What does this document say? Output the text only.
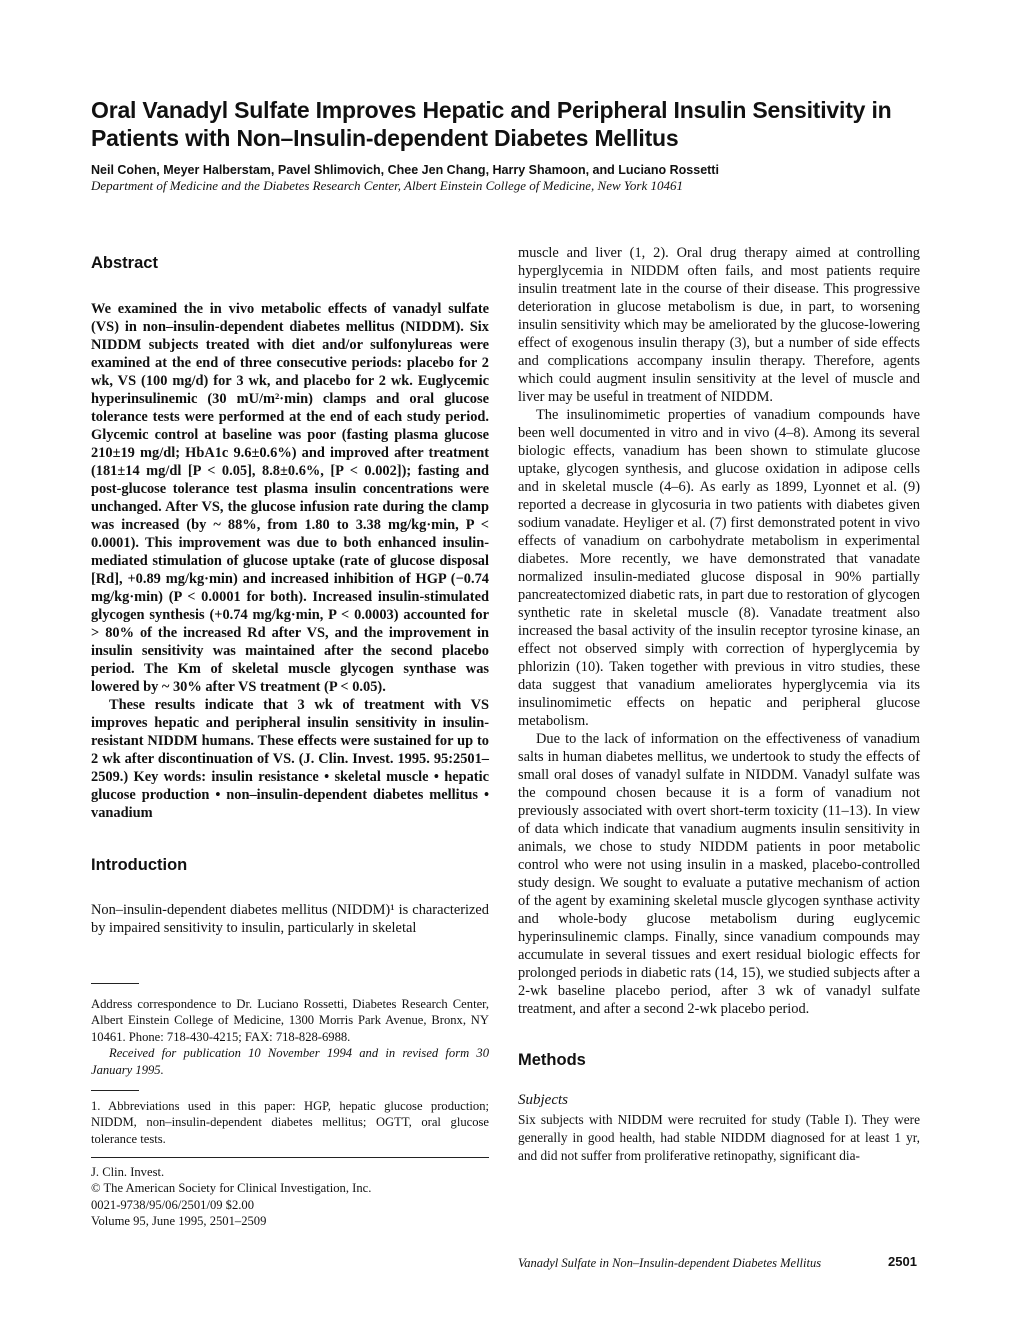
Oral Vanadyl Sulfate Improves Hepatic and Peripheral Insulin Sensitivity in Patients with Non–Insulin-dependent Diabetes Mellitus
Neil Cohen, Meyer Halberstam, Pavel Shlimovich, Chee Jen Chang, Harry Shamoon, and Luciano Rossetti
Department of Medicine and the Diabetes Research Center, Albert Einstein College of Medicine, New York 10461
Abstract

We examined the in vivo metabolic effects of vanadyl sulfate (VS) in non–insulin-dependent diabetes mellitus (NIDDM). Six NIDDM subjects treated with diet and/or sulfonylureas were examined at the end of three consecutive periods: placebo for 2 wk, VS (100 mg/d) for 3 wk, and placebo for 2 wk. Euglycemic hyperinsulinemic (30 mU/m²·min) clamps and oral glucose tolerance tests were performed at the end of each study period. Glycemic control at baseline was poor (fasting plasma glucose 210±19 mg/dl; HbA1c 9.6±0.6%) and improved after treatment (181±14 mg/dl [P < 0.05], 8.8±0.6%, [P < 0.002]); fasting and post-glucose tolerance test plasma insulin concentrations were unchanged. After VS, the glucose infusion rate during the clamp was increased (by ~ 88%, from 1.80 to 3.38 mg/kg·min, P < 0.0001). This improvement was due to both enhanced insulin-mediated stimulation of glucose uptake (rate of glucose disposal [Rd], +0.89 mg/kg·min) and increased inhibition of HGP (−0.74 mg/kg·min) (P < 0.0001 for both). Increased insulin-stimulated glycogen synthesis (+0.74 mg/kg·min, P < 0.0003) accounted for > 80% of the increased Rd after VS, and the improvement in insulin sensitivity was maintained after the second placebo period. The Km of skeletal muscle glycogen synthase was lowered by ~ 30% after VS treatment (P < 0.05).

These results indicate that 3 wk of treatment with VS improves hepatic and peripheral insulin sensitivity in insulin-resistant NIDDM humans. These effects were sustained for up to 2 wk after discontinuation of VS. (J. Clin. Invest. 1995. 95:2501–2509.) Key words: insulin resistance • skeletal muscle • hepatic glucose production • non–insulin-dependent diabetes mellitus • vanadium

Introduction

Non–insulin-dependent diabetes mellitus (NIDDM)¹ is characterized by impaired sensitivity to insulin, particularly in skeletal

Address correspondence to Dr. Luciano Rossetti, Diabetes Research Center, Albert Einstein College of Medicine, 1300 Morris Park Avenue, Bronx, NY 10461. Phone: 718-430-4215; FAX: 718-828-6988.

Received for publication 10 November 1994 and in revised form 30 January 1995.

1. Abbreviations used in this paper: HGP, hepatic glucose production; NIDDM, non–insulin-dependent diabetes mellitus; OGTT, oral glucose tolerance tests.

J. Clin. Invest.

© The American Society for Clinical Investigation, Inc.

0021-9738/95/06/2501/09 $2.00

Volume 95, June 1995, 2501–2509

muscle and liver (1, 2). Oral drug therapy aimed at controlling hyperglycemia in NIDDM often fails, and most patients require insulin treatment late in the course of their disease. This progressive deterioration in glucose metabolism is due, in part, to worsening insulin sensitivity which may be ameliorated by the glucose-lowering effect of exogenous insulin therapy (3), but a number of side effects and complications accompany insulin therapy. Therefore, agents which could augment insulin sensitivity at the level of muscle and liver may be useful in treatment of NIDDM.

The insulinomimetic properties of vanadium compounds have been well documented in vitro and in vivo (4–8). Among its several biologic effects, vanadium has been shown to stimulate glucose uptake, glycogen synthesis, and glucose oxidation in adipose cells and in skeletal muscle (4–6). As early as 1899, Lyonnet et al. (9) reported a decrease in glycosuria in two patients with diabetes given sodium vanadate. Heyliger et al. (7) first demonstrated potent in vivo effects of vanadium on carbohydrate metabolism in experimental diabetes. More recently, we have demonstrated that vanadate normalized insulin-mediated glucose disposal in 90% partially pancreatectomized diabetic rats, in part due to restoration of glycogen synthetic rate in skeletal muscle (8). Vanadate treatment also increased the basal activity of the insulin receptor tyrosine kinase, an effect not observed simply with correction of hyperglycemia by phlorizin (10). Taken together with previous in vitro studies, these data suggest that vanadium ameliorates hyperglycemia via its insulinomimetic effects on hepatic and peripheral glucose metabolism.

Due to the lack of information on the effectiveness of vanadium salts in human diabetes mellitus, we undertook to study the effects of small oral doses of vanadyl sulfate in NIDDM. Vanadyl sulfate was the compound chosen because it is a form of vanadium not previously associated with overt short-term toxicity (11–13). In view of data which indicate that vanadium augments insulin sensitivity in animals, we chose to study NIDDM patients in poor metabolic control who were not using insulin in a masked, placebo-controlled study design. We sought to evaluate a putative mechanism of action of the agent by examining skeletal muscle glycogen synthase activity and whole-body glucose metabolism during euglycemic hyperinsulinemic clamps. Finally, since vanadium compounds may accumulate in several tissues and exert residual biologic effects for prolonged periods in diabetic rats (14, 15), we studied subjects after a 2-wk baseline placebo period, after 3 wk of vanadyl sulfate treatment, and after a second 2-wk placebo period.

Methods
Subjects

Six subjects with NIDDM were recruited for study (Table I). They were generally in good health, had stable NIDDM diagnosed for at least 1 yr, and did not suffer from proliferative retinopathy, significant dia-

Vanadyl Sulfate in Non–Insulin-dependent Diabetes Mellitus	2501
